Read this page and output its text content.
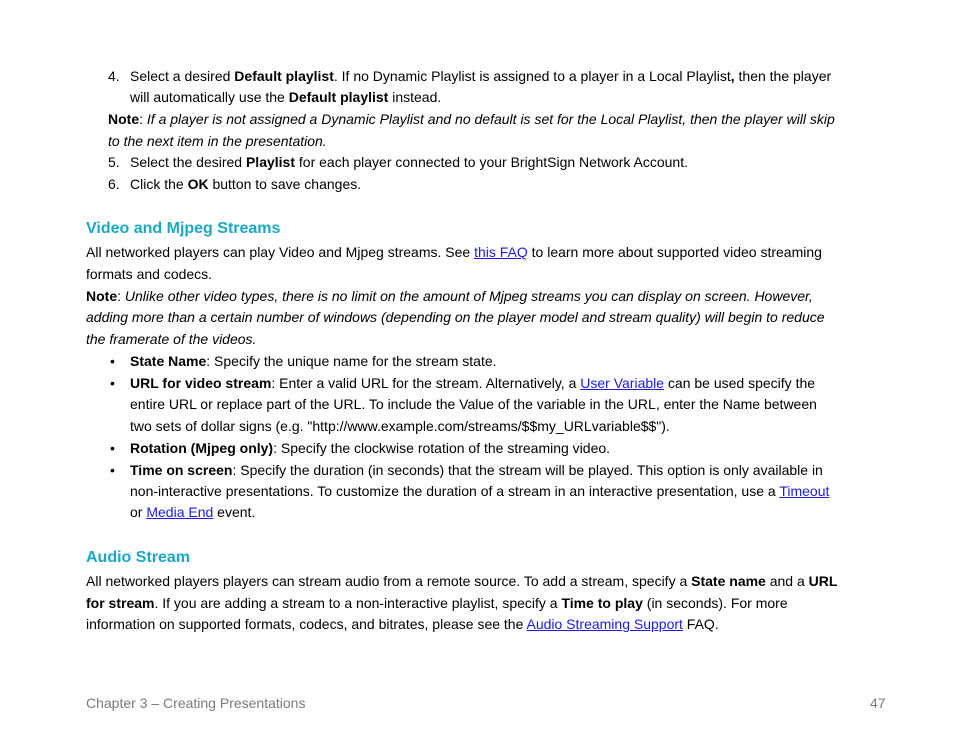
4. Select a desired Default playlist. If no Dynamic Playlist is assigned to a player in a Local Playlist, then the player
will automatically use the Default playlist instead.
Note: If a player is not assigned a Dynamic Playlist and no default is set for the Local Playlist, then the player will skip
to the next item in the presentation.
5. Select the desired Playlist for each player connected to your BrightSign Network Account.
6. Click the OK button to save changes.
Video and Mjpeg Streams
All networked players can play Video and Mjpeg streams. See this FAQ to learn more about supported video streaming
formats and codecs.
Note: Unlike other video types, there is no limit on the amount of Mjpeg streams you can display on screen. However,
adding more than a certain number of windows (depending on the player model and stream quality) will begin to reduce
the framerate of the videos.
• State Name: Specify the unique name for the stream state.
• URL for video stream: Enter a valid URL for the stream. Alternatively, a User Variable can be used specify the
entire URL or replace part of the URL. To include the Value of the variable in the URL, enter the Name between
two sets of dollar signs (e.g. "http://www.example.com/streams/$$my_URLvariable$$").
• Rotation (Mjpeg only): Specify the clockwise rotation of the streaming video.
• Time on screen: Specify the duration (in seconds) that the stream will be played. This option is only available in
non-interactive presentations. To customize the duration of a stream in an interactive presentation, use a Timeout
or Media End event.
Audio Stream
All networked players players can stream audio from a remote source. To add a stream, specify a State name and a URL
for stream. If you are adding a stream to a non-interactive playlist, specify a Time to play (in seconds). For more
information on supported formats, codecs, and bitrates, please see the Audio Streaming Support FAQ.
Chapter 3 – Creating Presentations	47
